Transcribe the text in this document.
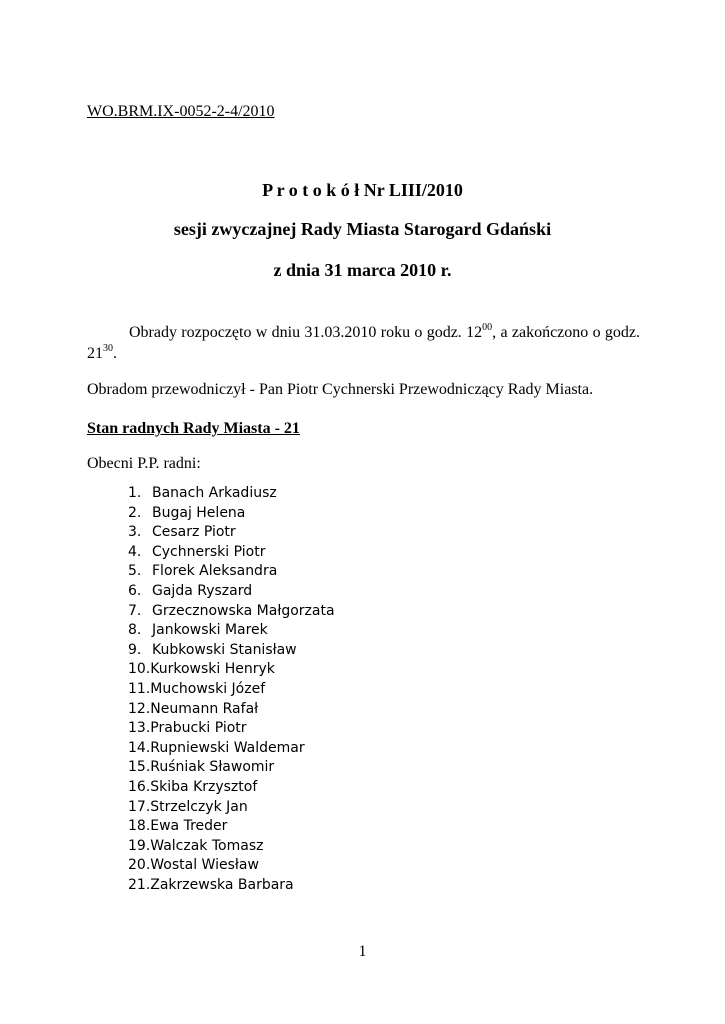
WO.BRM.IX-0052-2-4/2010
P r o t o k ó ł Nr LIII/2010
sesji zwyczajnej Rady Miasta Starogard Gdański
z dnia 31 marca 2010 r.
Obrady rozpoczęto w dniu 31.03.2010 roku o godz. $12^{00}$, a zakończono o godz. $21^{30}$.
Obradom przewodniczył - Pan Piotr Cychnerski Przewodniczący Rady Miasta.
Stan radnych Rady Miasta - 21
Obecni P.P. radni:
1. Banach Arkadiusz
2. Bugaj Helena
3. Cesarz Piotr
4. Cychnerski Piotr
5. Florek Aleksandra
6. Gajda Ryszard
7. Grzecznowska Małgorzata
8. Jankowski Marek
9. Kubkowski Stanisław
10. Kurkowski Henryk
11. Muchowski Józef
12. Neumann Rafał
13. Prabucki Piotr
14. Rupniewski Waldemar
15. Ruśniak Sławomir
16. Skiba Krzysztof
17. Strzelczyk Jan
18. Ewa Treder
19. Walczak Tomasz
20. Wostal Wiesław
21. Zakrzewska Barbara
1
